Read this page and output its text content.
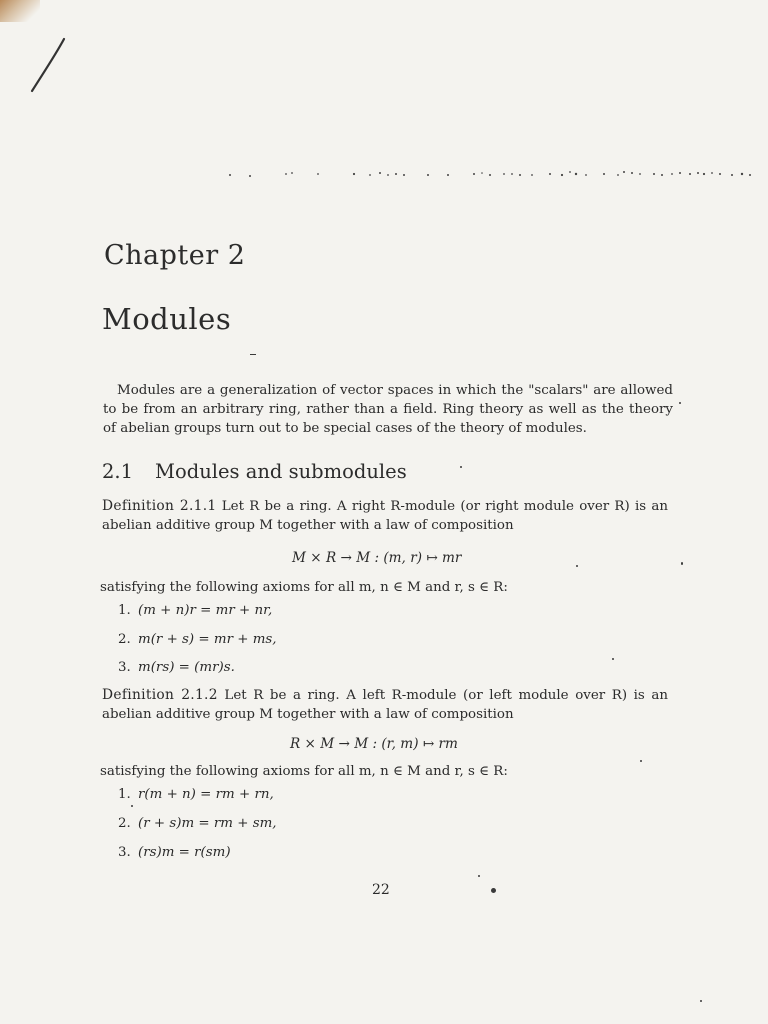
Chapter 2
Modules

Modules are a generalization of vector spaces in which the "scalars" are allowed to be from an arbitrary ring, rather than a field. Ring theory as well as the theory of abelian groups turn out to be special cases of the theory of modules.

2.1 Modules and submodules

Definition 2.1.1 Let R be a ring. A right R-module (or right module over R) is an abelian additive group M together with a law of composition

M × R → M : (m, r) ↦ mr
satisfying the following axioms for all m, n ∈ M and r, s ∈ R:
1. (m + n)r = mr + nr,
2. m(r + s) = mr + ms,
3. m(rs) = (mr)s.

Definition 2.1.2 Let R be a ring. A left R-module (or left module over R) is an abelian additive group M together with a law of composition

R × M → M : (r, m) ↦ rm
satisfying the following axioms for all m, n ∈ M and r, s ∈ R:
1. r(m + n) = rm + rn,
2. (r + s)m = rm + sm,
3. (rs)m = r(sm)
22
